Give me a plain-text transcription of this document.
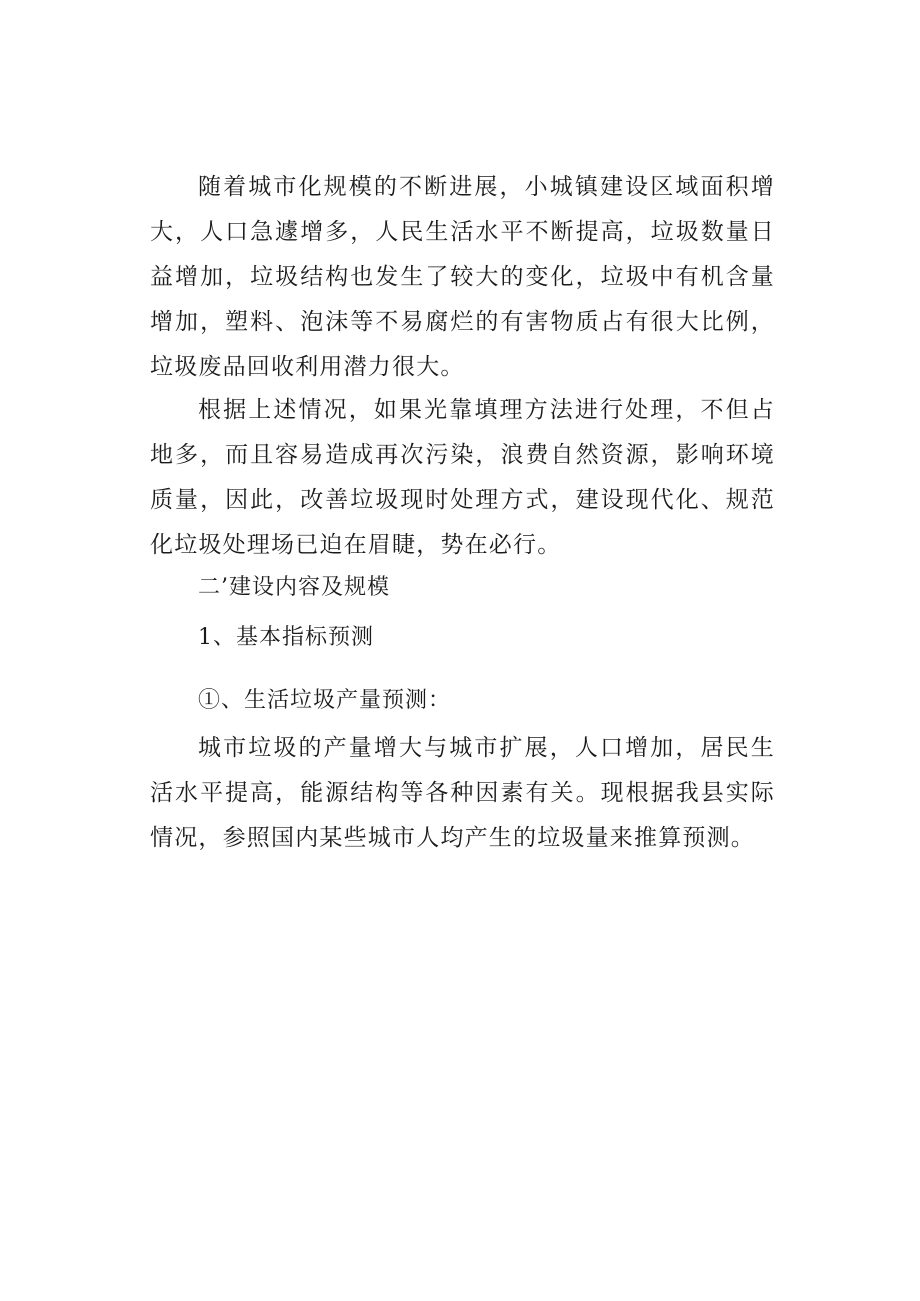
随着城市化规模的不断进展，小城镇建设区域面积增大，人口急遽增多，人民生活水平不断提高，垃圾数量日益增加，垃圾结构也发生了较大的变化，垃圾中有机含量增加，塑料、泡沫等不易腐烂的有害物质占有很大比例，垃圾废品回收利用潜力很大。

根据上述情况，如果光靠填理方法进行处理，不但占地多，而且容易造成再次污染，浪费自然资源，影响环境质量，因此，改善垃圾现时处理方式，建设现代化、规范化垃圾处理场已迫在眉睫，势在必行。

二’建设内容及规模

1、基本指标预测

①、生活垃圾产量预测：

城市垃圾的产量增大与城市扩展，人口增加，居民生活水平提高，能源结构等各种因素有关。现根据我县实际情况，参照国内某些城市人均产生的垃圾量来推算预测。
